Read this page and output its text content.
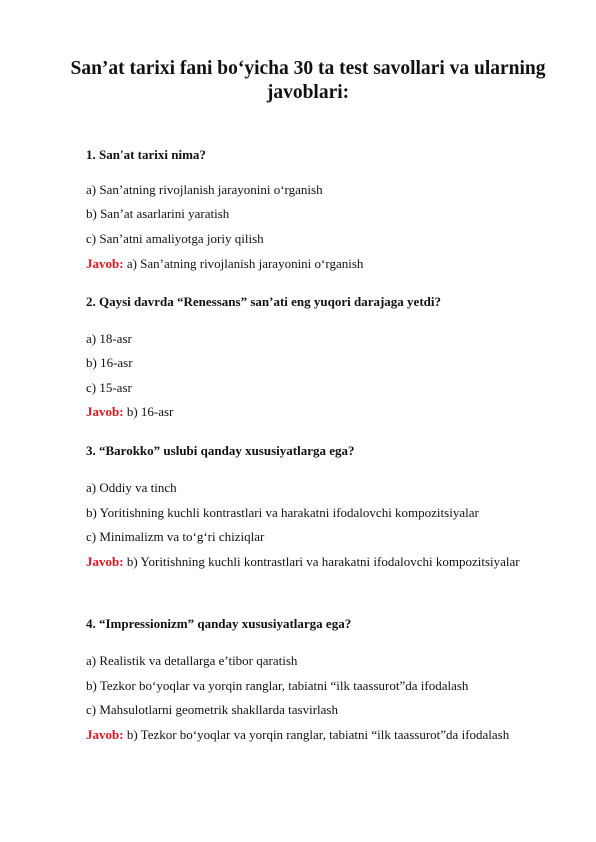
San’at tarixi fani bo‘yicha 30 ta test savollari va ularning javoblari:

1. San'at tarixi nima?

a) San’atning rivojlanish jarayonini o‘rganish

b) San’at asarlarini yaratish

c) San’atni amaliyotga joriy qilish

Javob: a) San’atning rivojlanish jarayonini o‘rganish

2. Qaysi davrda “Renessans” san’ati eng yuqori darajaga yetdi?

a) 18-asr

b) 16-asr

c) 15-asr

Javob: b) 16-asr

3. “Barokko” uslubi qanday xususiyatlarga ega?

a) Oddiy va tinch

b) Yoritishning kuchli kontrastlari va harakatni ifodalovchi kompozitsiyalar

c) Minimalizm va to‘g‘ri chiziqlar

Javob: b) Yoritishning kuchli kontrastlari va harakatni ifodalovchi kompozitsiyalar

4. “Impressionizm” qanday xususiyatlarga ega?

a) Realistik va detallarga e’tibor qaratish

b) Tezkor bo‘yoqlar va yorqin ranglar, tabiatni “ilk taassurot”da ifodalash

c) Mahsulotlarni geometrik shakllarda tasvirlash

Javob: b) Tezkor bo‘yoqlar va yorqin ranglar, tabiatni “ilk taassurot”da ifodalash
